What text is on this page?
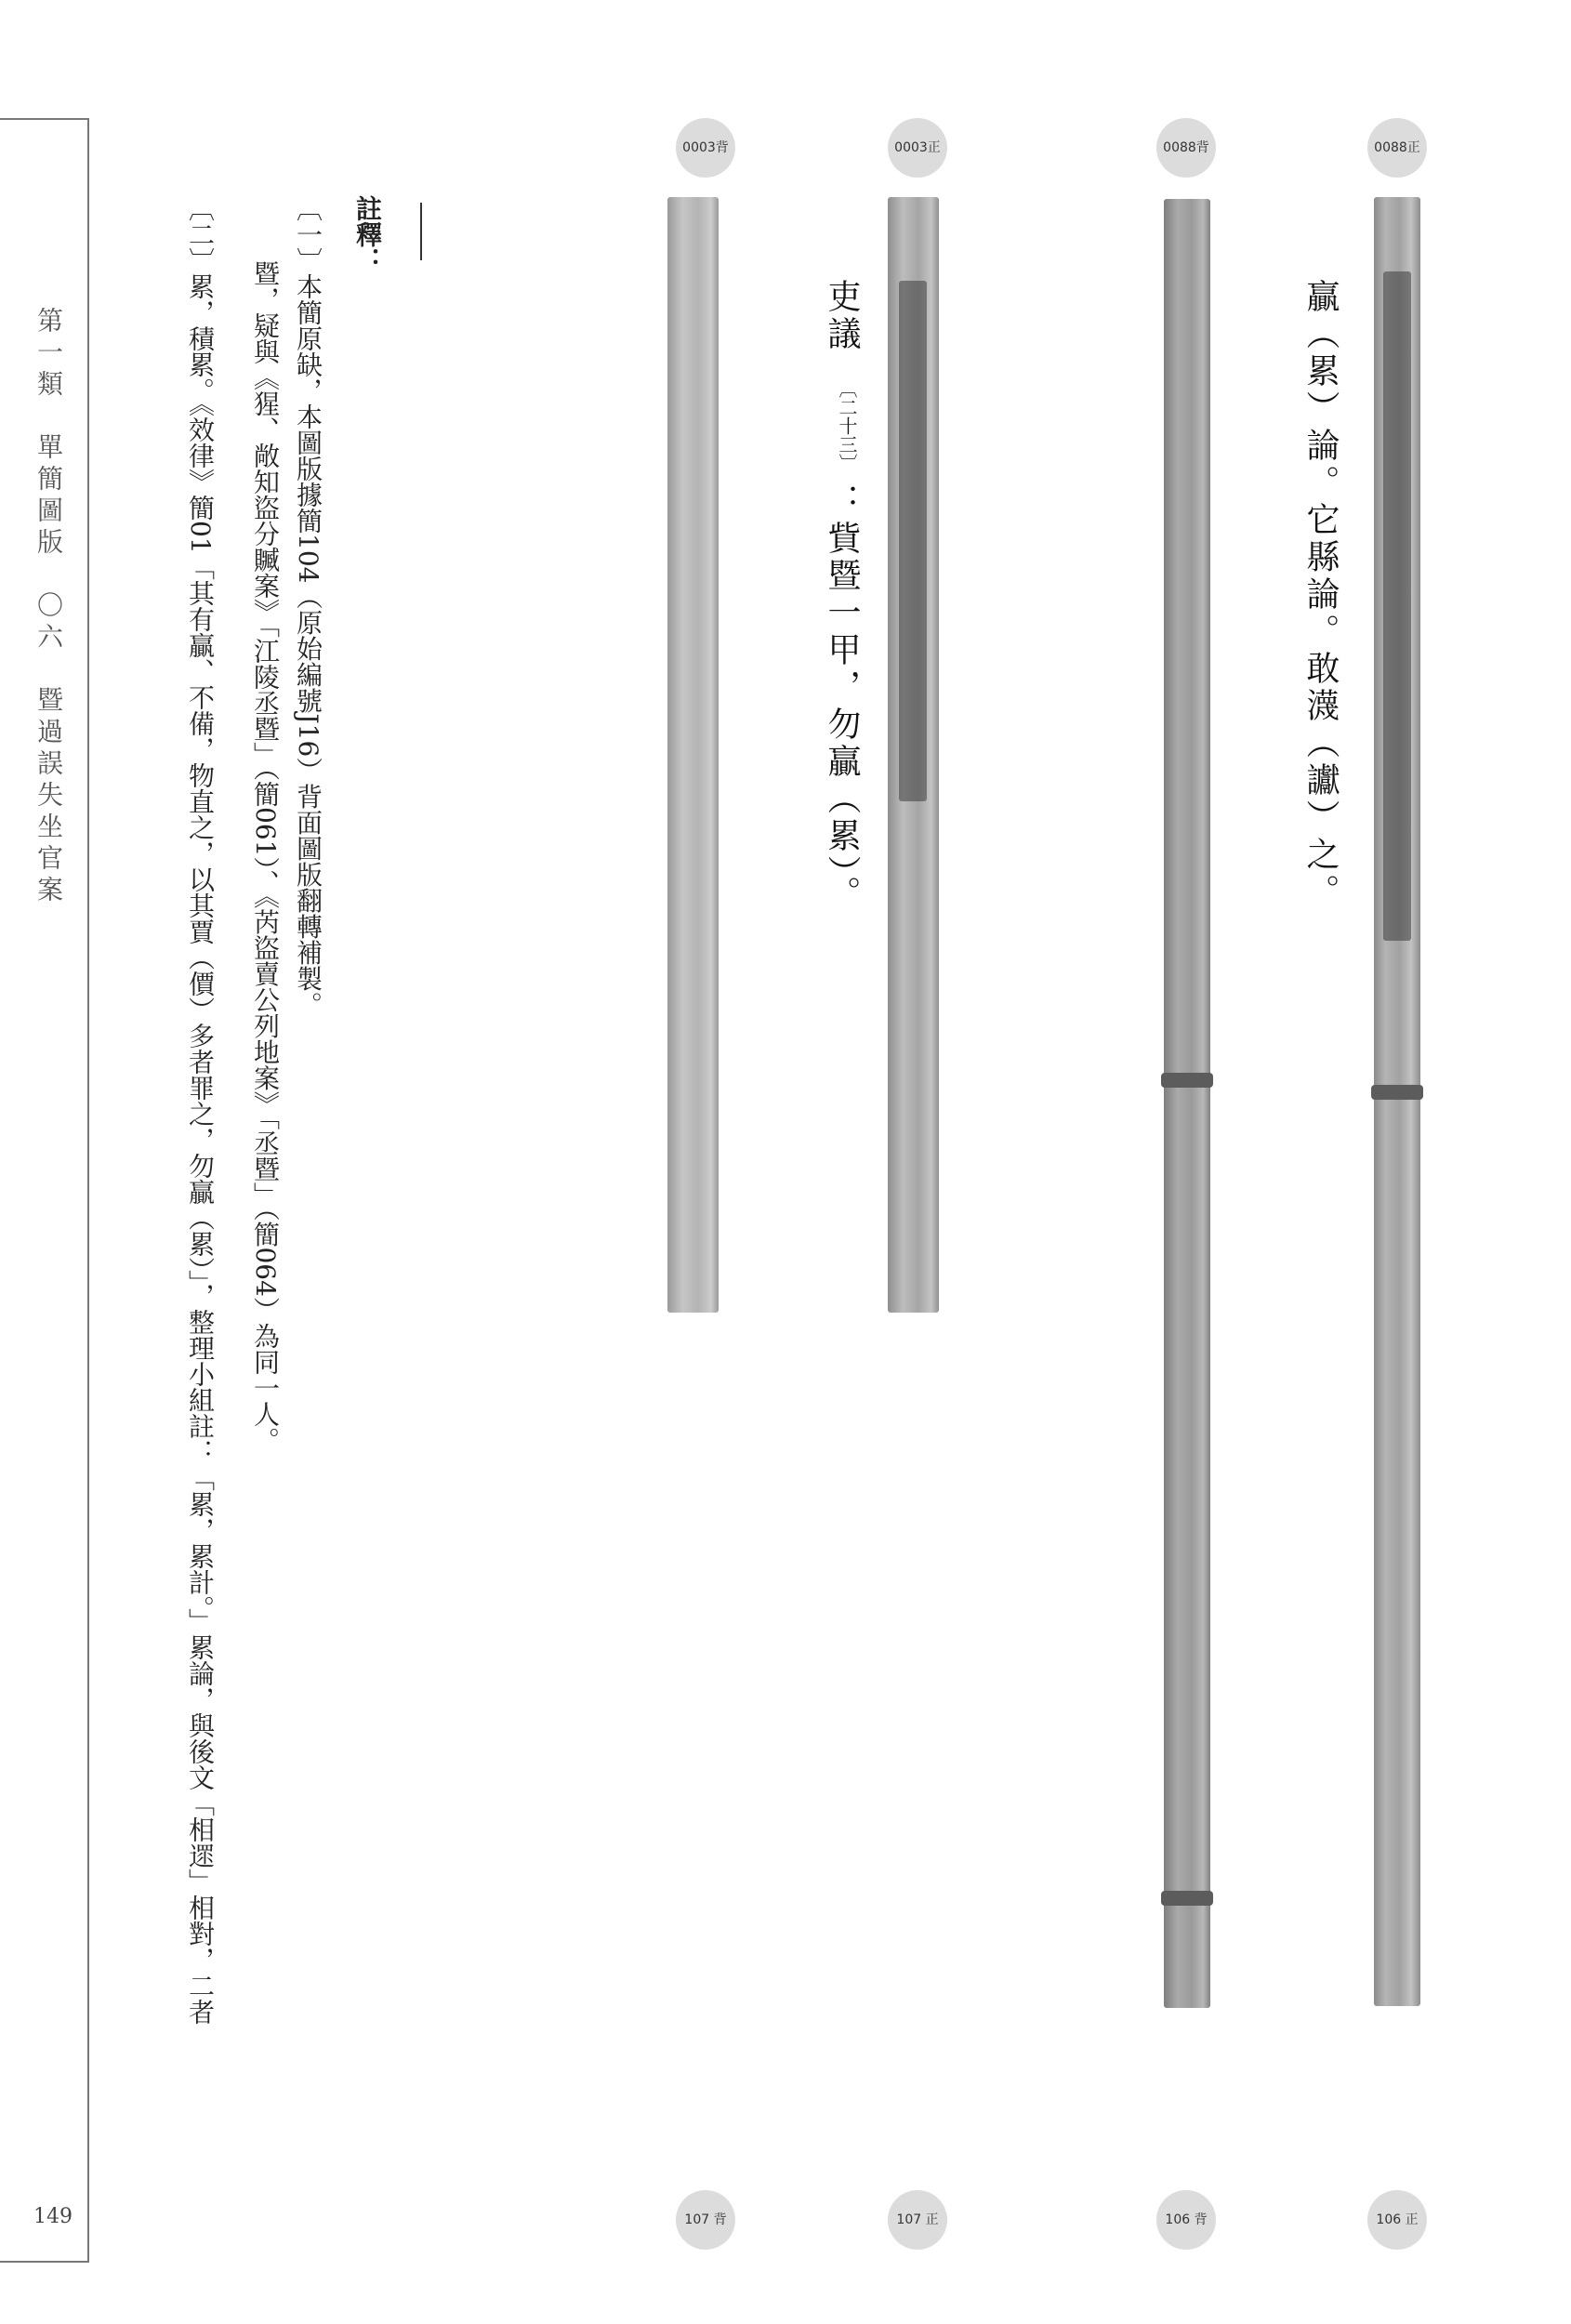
第一類　單簡圖版　〇六　暨過誤失坐官案
149
註釋：
〔一〕本簡原缺，本圖版據簡104（原始編號J16）背面圖版翻轉補製。
暨，疑與《猩、敞知盜分贓案》「江陵丞暨」（簡061）、《芮盜賣公列地案》「丞暨」（簡064）為同一人。
〔二〕累，積累。《效律》簡01「其有贏、不備，物直之，以其賈（價）多者罪之，勿贏（累）」，整理小組註：「累，累計。」累論，與後文「相遝」相對，二者
0088正
0088背
0003正
0003背
106 正
106 背
107 正
107 背
贏（累）論。它縣論。敢瀎（讞）之。
吏議
〔二十三〕
：貲暨一甲，勿贏（累）。
